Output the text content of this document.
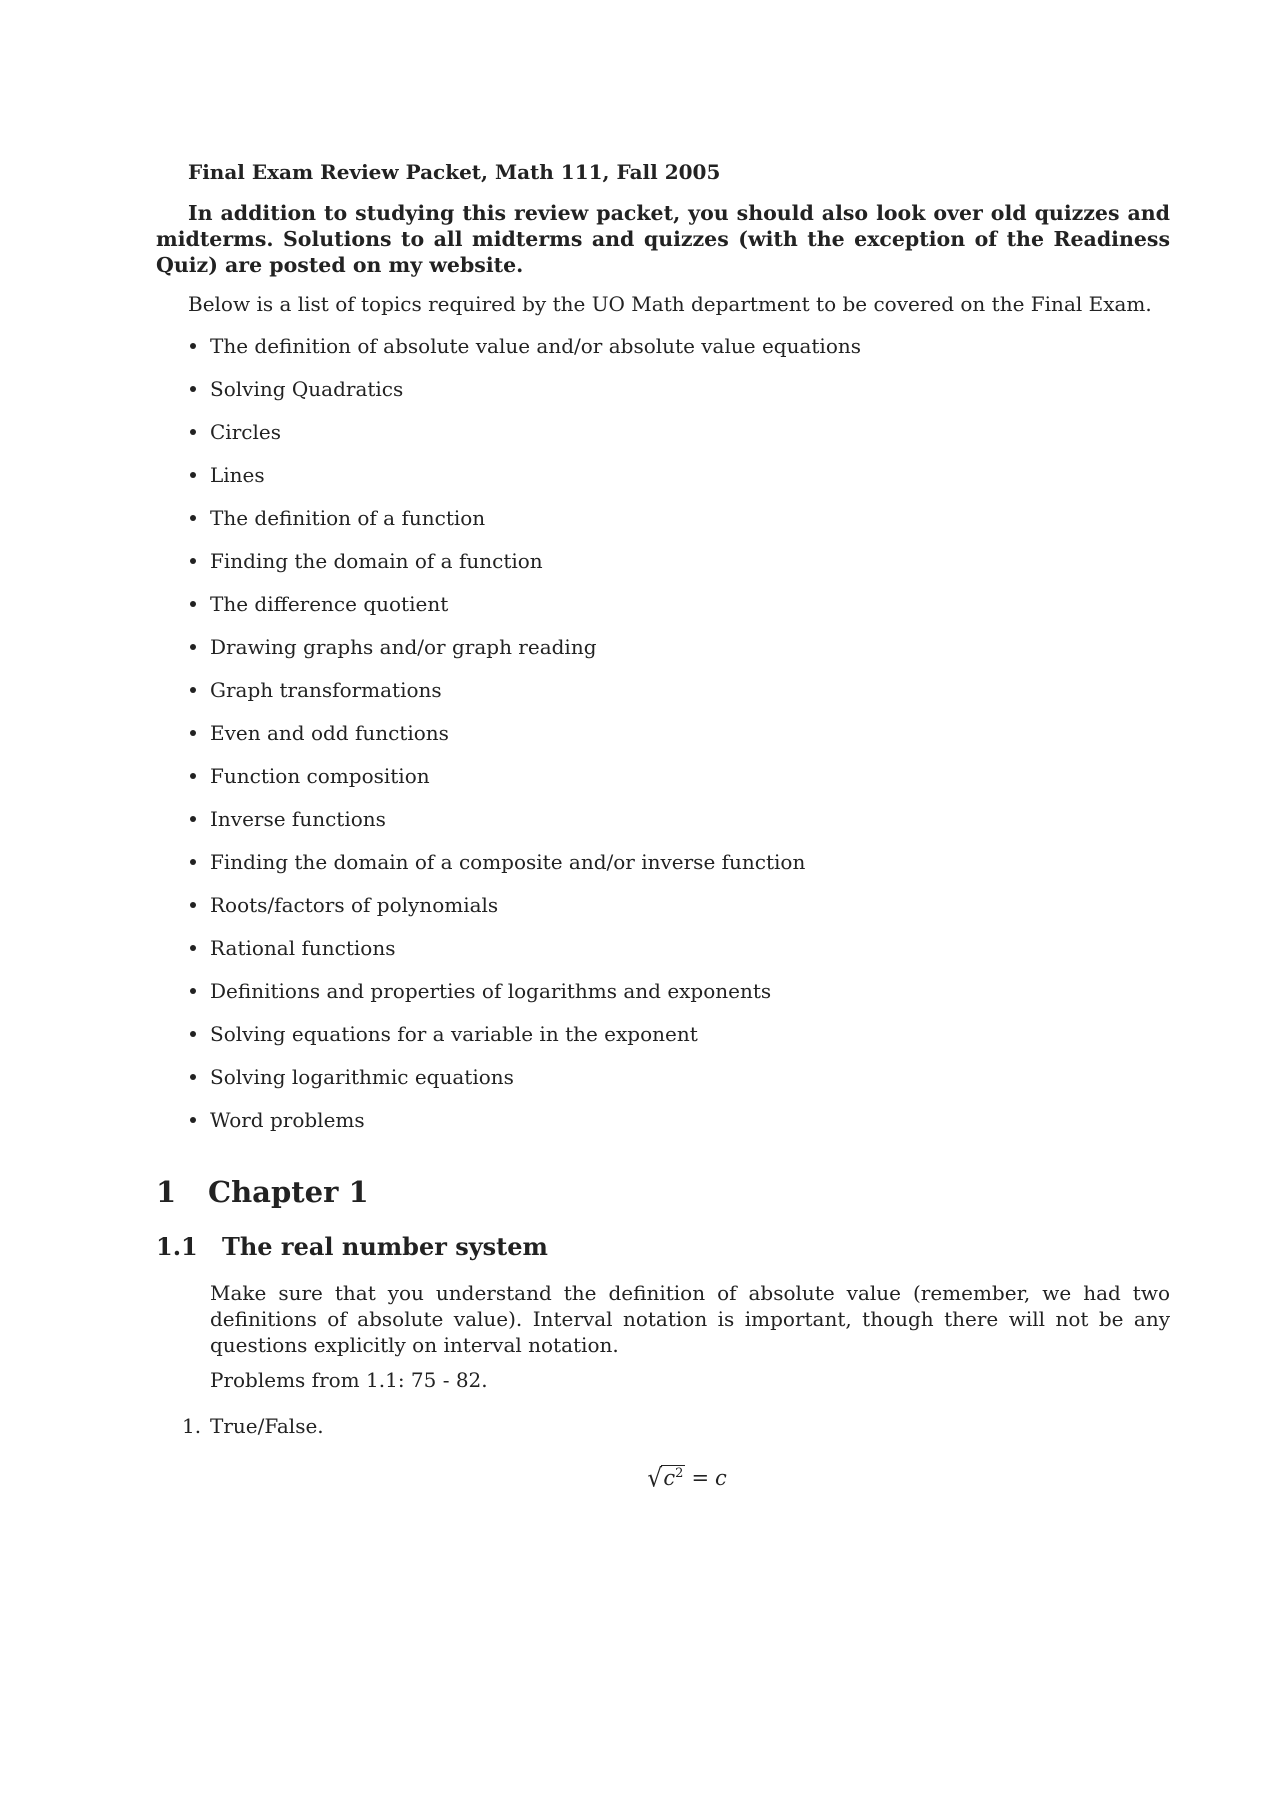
Final Exam Review Packet, Math 111, Fall 2005
In addition to studying this review packet, you should also look over old quizzes and midterms. Solutions to all midterms and quizzes (with the exception of the Readiness Quiz) are posted on my website.
Below is a list of topics required by the UO Math department to be covered on the Final Exam.
The definition of absolute value and/or absolute value equations
Solving Quadratics
Circles
Lines
The definition of a function
Finding the domain of a function
The difference quotient
Drawing graphs and/or graph reading
Graph transformations
Even and odd functions
Function composition
Inverse functions
Finding the domain of a composite and/or inverse function
Roots/factors of polynomials
Rational functions
Definitions and properties of logarithms and exponents
Solving equations for a variable in the exponent
Solving logarithmic equations
Word problems
1 Chapter 1
1.1 The real number system
Make sure that you understand the definition of absolute value (remember, we had two definitions of absolute value). Interval notation is important, though there will not be any questions explicitly on interval notation.
Problems from 1.1: 75 - 82.
1. True/False.
$√c^2 = c$
